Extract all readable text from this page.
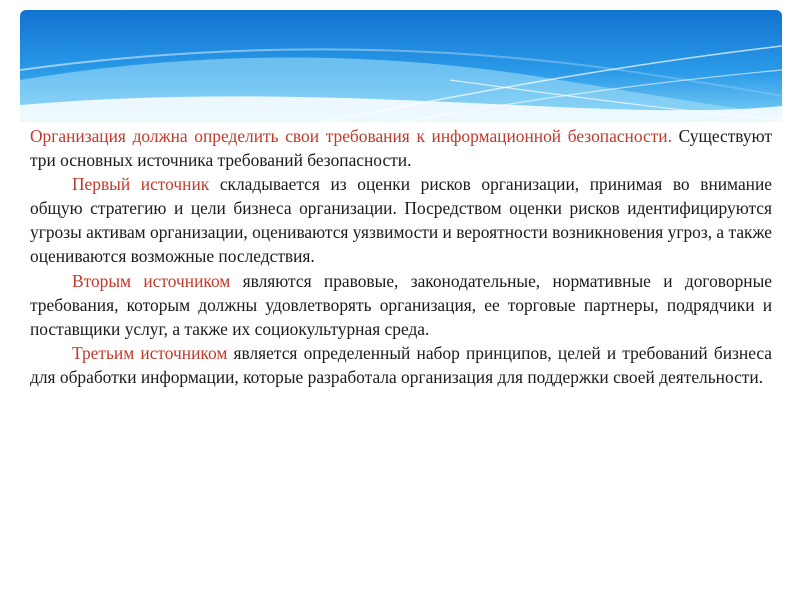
Организация должна определить свои требования к информационной безопасности. Существуют три основных источника требований безопасности.

Первый источник складывается из оценки рисков организации, принимая во внимание общую стратегию и цели бизнеса организации. Посредством оценки рисков идентифицируются угрозы активам организации, оцениваются уязвимости и вероятности возникновения угроз, а также оцениваются возможные последствия.

Вторым источником являются правовые, законодательные, нормативные и договорные требования, которым должны удовлетворять организация, ее торговые партнеры, подрядчики и поставщики услуг, а также их социокультурная среда.

Третьим источником является определенный набор принципов, целей и требований бизнеса для обработки информации, которые разработала организация для поддержки своей деятельности.
